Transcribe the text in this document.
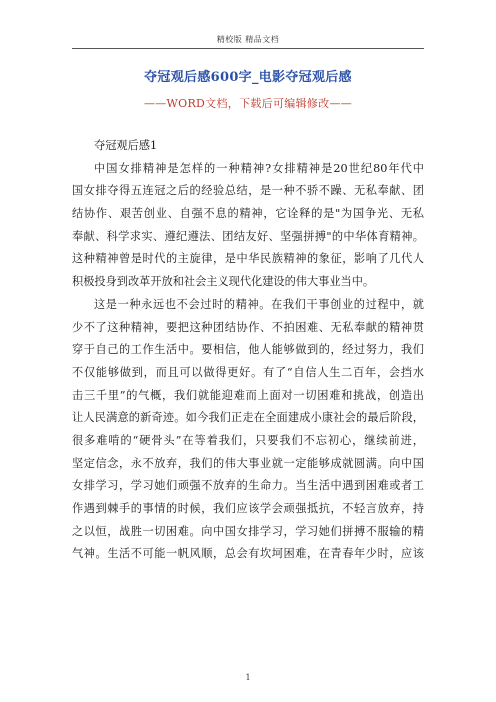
精校版 精品文档
夺冠观后感600字_电影夺冠观后感
——WORD文档，下载后可编辑修改——
夺冠观后感1
中国女排精神是怎样的一种精神?女排精神是20世纪80年代中
国女排夺得五连冠之后的经验总结，是一种不骄不躁、无私奉献、团
结协作、艰苦创业、自强不息的精神，它诠释的是"为国争光、无私
奉献、科学求实、遵纪遵法、团结友好、坚强拼搏"的中华体育精神。
这种精神曾是时代的主旋律，是中华民族精神的象征，影响了几代人
积极投身到改革开放和社会主义现代化建设的伟大事业当中。
这是一种永远也不会过时的精神。在我们干事创业的过程中，就
少不了这种精神，要把这种团结协作、不拍困难、无私奉献的精神贯
穿于自己的工作生活中。要相信，他人能够做到的，经过努力，我们
不仅能够做到，而且可以做得更好。有了“自信人生二百年，会挡水
击三千里”的气概，我们就能迎难而上面对一切困难和挑战，创造出
让人民满意的新奇迹。如今我们正走在全面建成小康社会的最后阶段，
很多难啃的“硬骨头”在等着我们，只要我们不忘初心，继续前进，
坚定信念，永不放弃，我们的伟大事业就一定能够成就圆满。向中国
女排学习，学习她们顽强不放弃的生命力。当生活中遇到困难或者工
作遇到棘手的事情的时候，我们应该学会顽强抵抗，不轻言放弃，持
之以恒，战胜一切困难。向中国女排学习，学习她们拼搏不服输的精
气神。生活不可能一帆风顺，总会有坎坷困难，在青春年少时，应该
1
